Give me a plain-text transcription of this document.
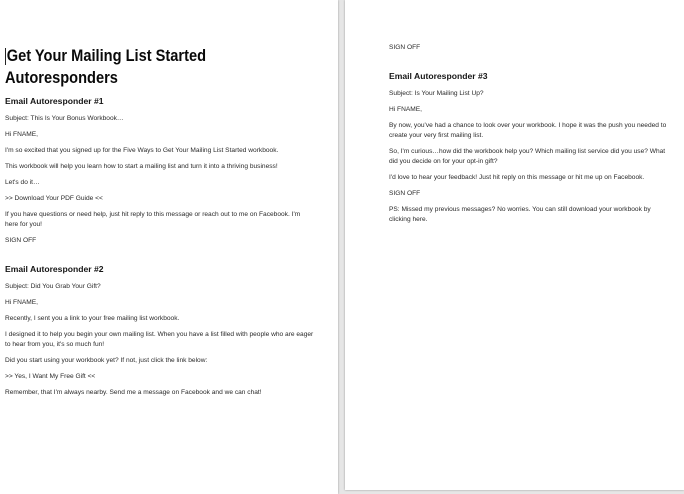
Get Your Mailing List Started
Autoresponders
Email Autoresponder #1
Subject: This Is Your Bonus Workbook…
Hi FNAME,
I'm so excited that you signed up for the Five Ways to Get Your Mailing List Started workbook.
This workbook will help you learn how to start a mailing list and turn it into a thriving business!
Let's do it…
>> Download Your PDF Guide <<
If you have questions or need help, just hit reply to this message or reach out to me on Facebook. I'm here for you!
SIGN OFF
Email Autoresponder #2
Subject: Did You Grab Your Gift?
Hi FNAME,
Recently, I sent you a link to your free mailing list workbook.
I designed it to help you begin your own mailing list. When you have a list filled with people who are eager to hear from you, it's so much fun!
Did you start using your workbook yet? If not, just click the link below:
>> Yes, I Want My Free Gift <<
Remember, that I'm always nearby. Send me a message on Facebook and we can chat!
SIGN OFF
Email Autoresponder #3
Subject: Is Your Mailing List Up?
Hi FNAME,
By now, you've had a chance to look over your workbook. I hope it was the push you needed to create your very first mailing list.
So, I'm curious…how did the workbook help you? Which mailing list service did you use? What did you decide on for your opt-in gift?
I'd love to hear your feedback! Just hit reply on this message or hit me up on Facebook.
SIGN OFF
PS: Missed my previous messages? No worries. You can still download your workbook by clicking here.
